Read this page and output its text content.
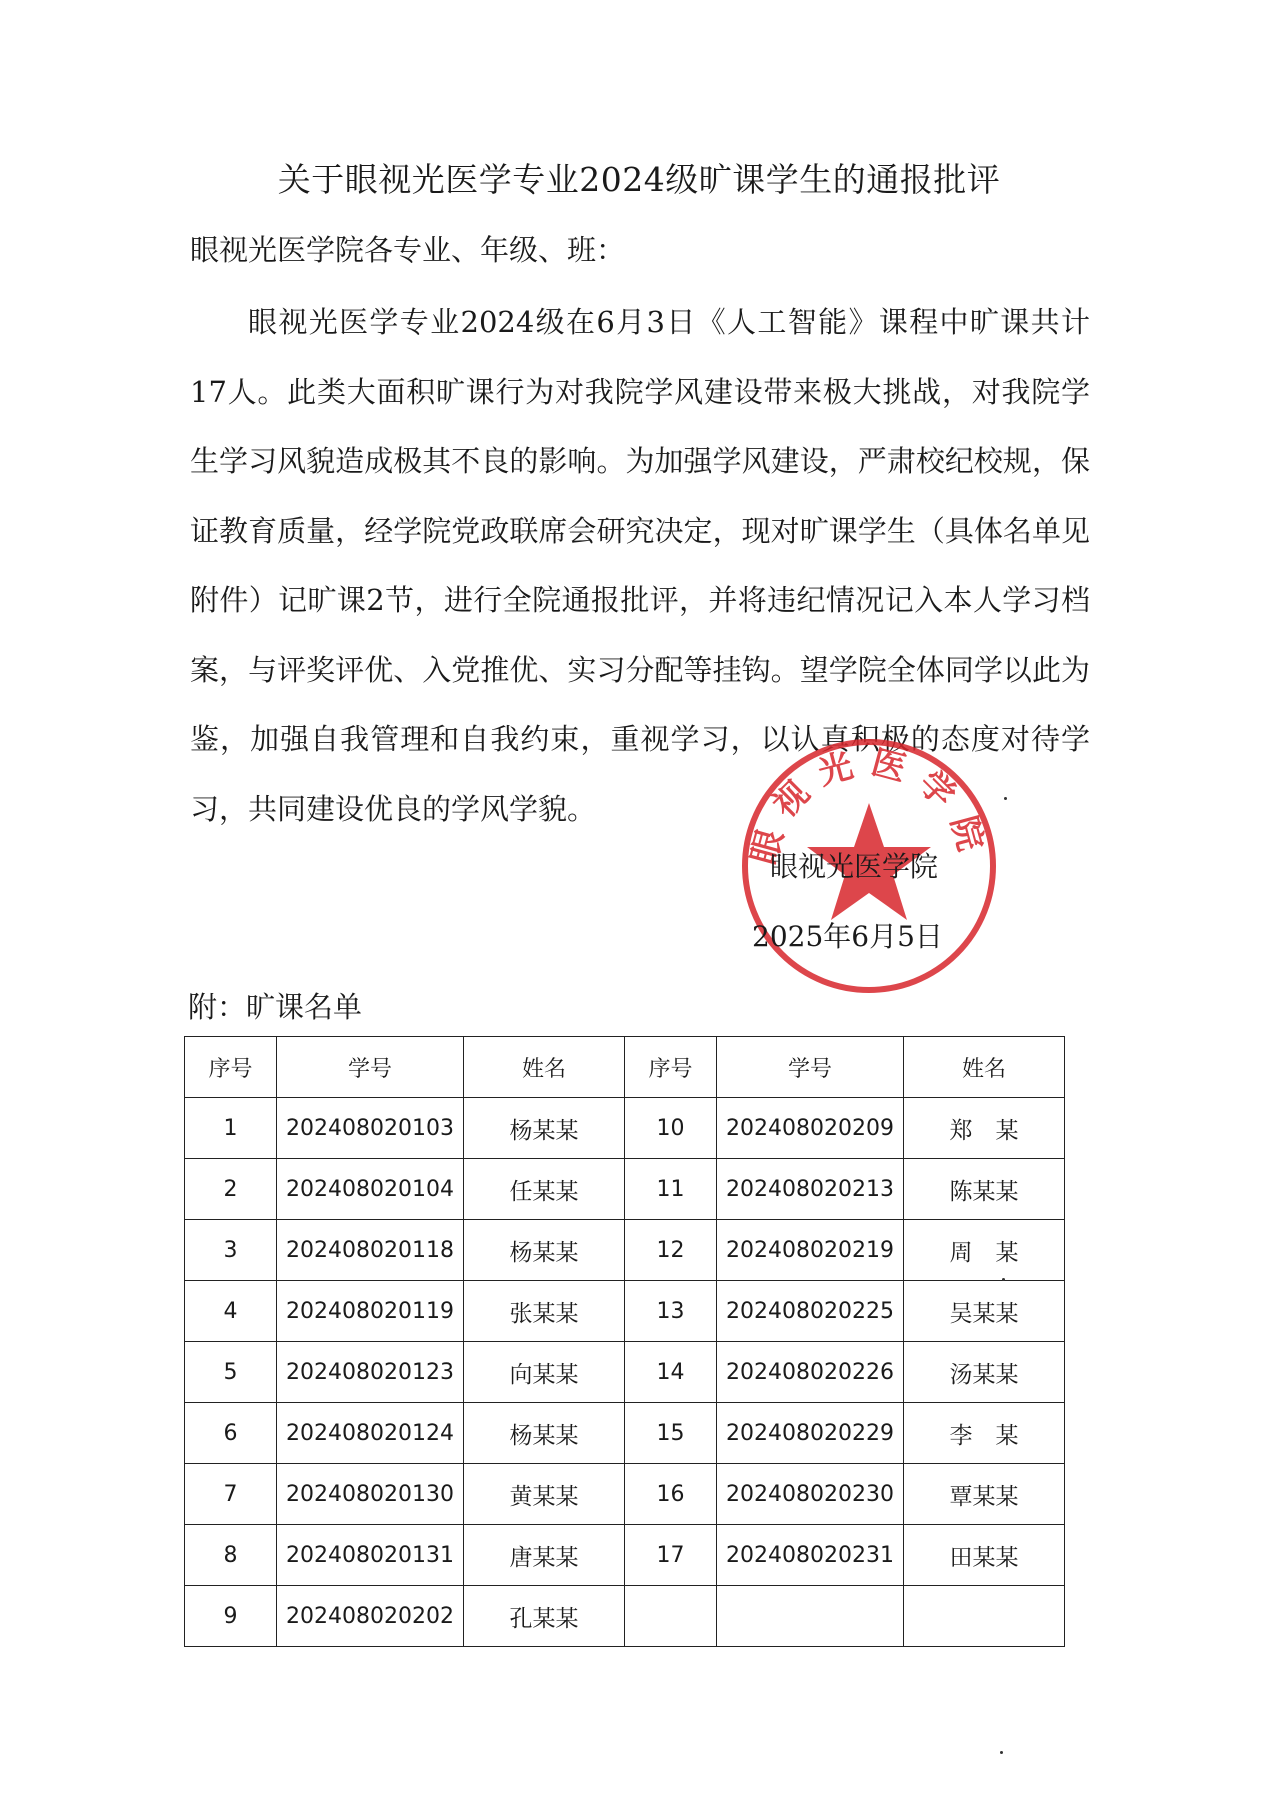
关于眼视光医学专业2024级旷课学生的通报批评
眼视光医学院各专业、年级、班：

眼视光医学专业2024级在6月3日《人工智能》课程中旷课共计17人。此类大面积旷课行为对我院学风建设带来极大挑战，对我院学生学习风貌造成极其不良的影响。为加强学风建设，严肃校纪校规，保证教育质量，经学院党政联席会研究决定，现对旷课学生（具体名单见附件）记旷课2节，进行全院通报批评，并将违纪情况记入本人学习档案，与评奖评优、入党推优、实习分配等挂钩。望学院全体同学以此为鉴，加强自我管理和自我约束，重视学习，以认真积极的态度对待学习，共同建设优良的学风学貌。

眼视光医学院
眼视光医学院
2025年6月5日
附：旷课名单
序号	学号	姓名	序号	学号	姓名
1	202408020103	杨某某	10	202408020209	郑　某
2	202408020104	任某某	11	202408020213	陈某某
3	202408020118	杨某某	12	202408020219	周　某
4	202408020119	张某某	13	202408020225	吴某某
5	202408020123	向某某	14	202408020226	汤某某
6	202408020124	杨某某	15	202408020229	李　某
7	202408020130	黄某某	16	202408020230	覃某某
8	202408020131	唐某某	17	202408020231	田某某
9	202408020202	孔某某			
